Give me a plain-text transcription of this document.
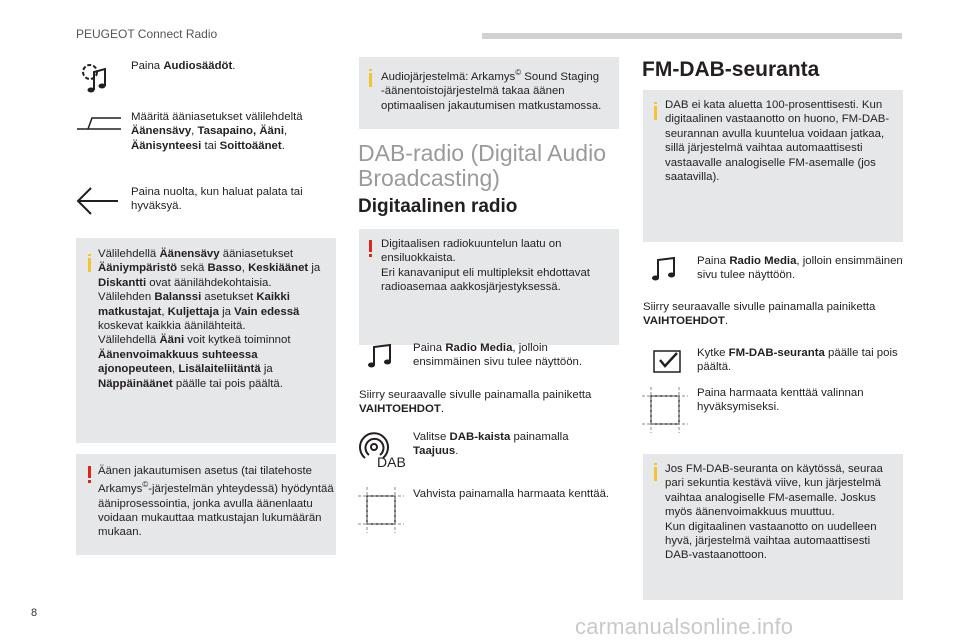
PEUGEOT Connect Radio
Paina Audiosäädöt.
Määritä ääniasetukset välilehdeltä Äänensävy, Tasapaino, Ääni, Äänisynteesi tai Soittoäänet.
Paina nuolta, kun haluat palata tai hyväksyä.
Välilehdellä Äänensävy ääniasetukset Ääniympäristö sekä Basso, Keskiäänet ja Diskantti ovat äänilähdekohtaisia.
Välilehden Balanssi asetukset Kaikki matkustajat, Kuljettaja ja Vain edessä koskevat kaikkia äänilähteitä.
Välilehdellä Ääni voit kytkeä toiminnot Äänenvoimakkuus suhteessa ajonopeuteen, Lisälaiteliitäntä ja Näppäinäänet päälle tai pois päältä.
Äänen jakautumisen asetus (tai tilatehoste Arkamys©-järjestelmän yhteydessä) hyödyntää ääniprosessointia, jonka avulla äänenlaatu voidaan mukauttaa matkustajan lukumäärän mukaan.
Audiojärjestelmä: Arkamys© Sound Staging -äänentoistojärjestelmä takaa äänen optimaalisen jakautumisen matkustamossa.
DAB-radio (Digital Audio Broadcasting)
Digitaalinen radio
Digitaalisen radiokuuntelun laatu on ensiluokkaista.
Eri kanavaniput eli multipleksit ehdottavat radioasemaa aakkosjärjestyksessä.
Paina Radio Media, jolloin ensimmäinen sivu tulee näyttöön.
Siirry seuraavalle sivulle painamalla painiketta VAIHTOEHDOT.
DAB
Valitse DAB-kaista painamalla Taajuus.
Vahvista painamalla harmaata kenttää.
FM-DAB-seuranta
DAB ei kata aluetta 100-prosenttisesti. Kun digitaalinen vastaanotto on huono, FM-DAB-seurannan avulla kuuntelua voidaan jatkaa, sillä järjestelmä vaihtaa automaattisesti vastaavalle analogiselle FM-asemalle (jos saatavilla).
Paina Radio Media, jolloin ensimmäinen sivu tulee näyttöön.
Siirry seuraavalle sivulle painamalla painiketta VAIHTOEHDOT.
Kytke FM-DAB-seuranta päälle tai pois päältä.
Paina harmaata kenttää valinnan hyväksymiseksi.
Jos FM-DAB-seuranta on käytössä, seuraa pari sekuntia kestävä viive, kun järjestelmä vaihtaa analogiselle FM-asemalle. Joskus myös äänenvoimakkuus muuttuu.
Kun digitaalinen vastaanotto on uudelleen hyvä, järjestelmä vaihtaa automaattisesti DAB-vastaanottoon.
8
carmanualsonline.info
